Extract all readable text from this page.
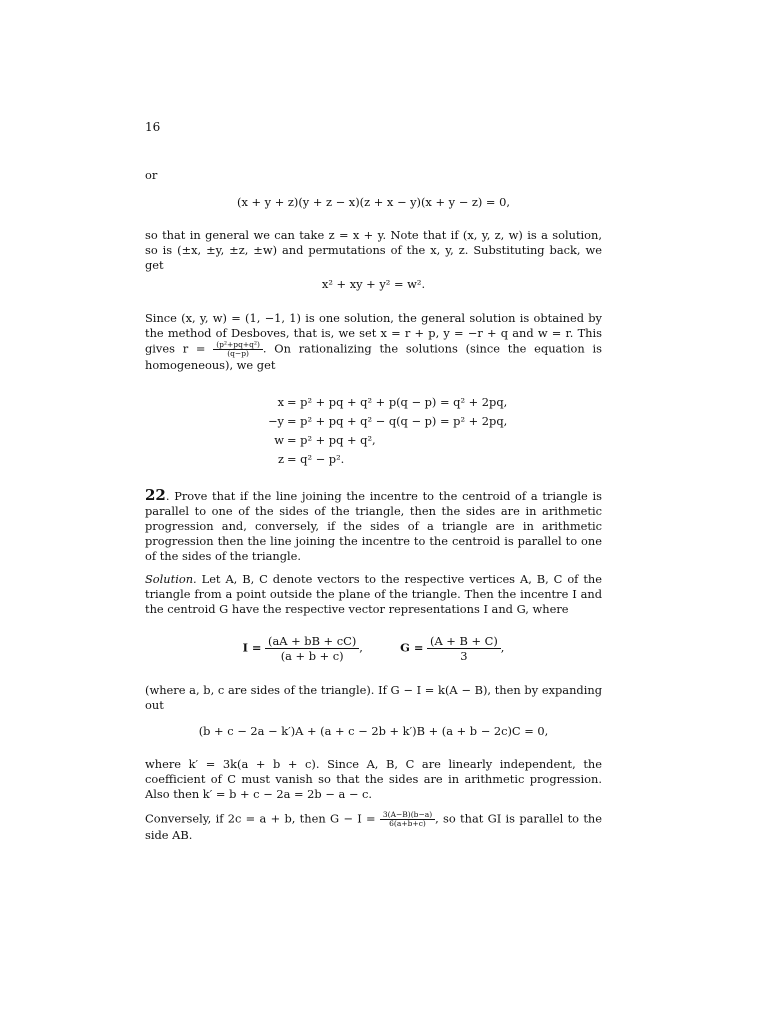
16
or
(x + y + z)(y + z − x)(z + x − y)(x + y − z) = 0,

so that in general we can take z = x + y. Note that if (x, y, z, w) is a solution, so is (±x, ±y, ±z, ±w) and permutations of the x, y, z. Substituting back, we get

x² + xy + y² = w².

Since (x, y, w) = (1, −1, 1) is one solution, the general solution is obtained by the method of Desboves, that is, we set x = r + p, y = −r + q and w = r. This gives $r = \frac{\text{(p²+pq+q²)}}{(q-p)}$ . On rationalizing the solutions (since the equation is homogeneous), we get

x = p² + pq + q² + p(q − p) = q² + 2pq,
−y = p² + pq + q² − q(q − p) = p² + 2pq,
w = p² + pq + q²,
z = q² − p².

22. Prove that if the line joining the incentre to the centroid of a triangle is parallel to one of the sides of the triangle, then the sides are in arithmetic progression and, conversely, if the sides of a triangle are in arithmetic progression then the line joining the incentre to the centroid is parallel to one of the sides of the triangle.

Solution. Let A, B, C denote vectors to the respective vertices A, B, C of the triangle from a point outside the plane of the triangle. Then the incentre I and the centroid G have the respective vector representations I and G, where

$I = \frac{(aA + bB + cC)}{(a + b + c)}$ ,	$G = \frac{(A + B + C)}{3}$ ,

(where a, b, c are sides of the triangle). If G − I = k(A − B), then by expanding out

(b + c − 2a − k′)A + (a + c − 2b + k′)B + (a + b − 2c)C = 0,

where k′ = 3k(a + b + c). Since A, B, C are linearly independent, the coefficient of C must vanish so that the sides are in arithmetic progression. Also then k′ = b + c − 2a = 2b − a − c.

Conversely, if 2c = a + b, then $G - I = \frac{3(A-B)(b-a)}{6(a+b+c)}$ , so that GI is parallel to the side AB.
